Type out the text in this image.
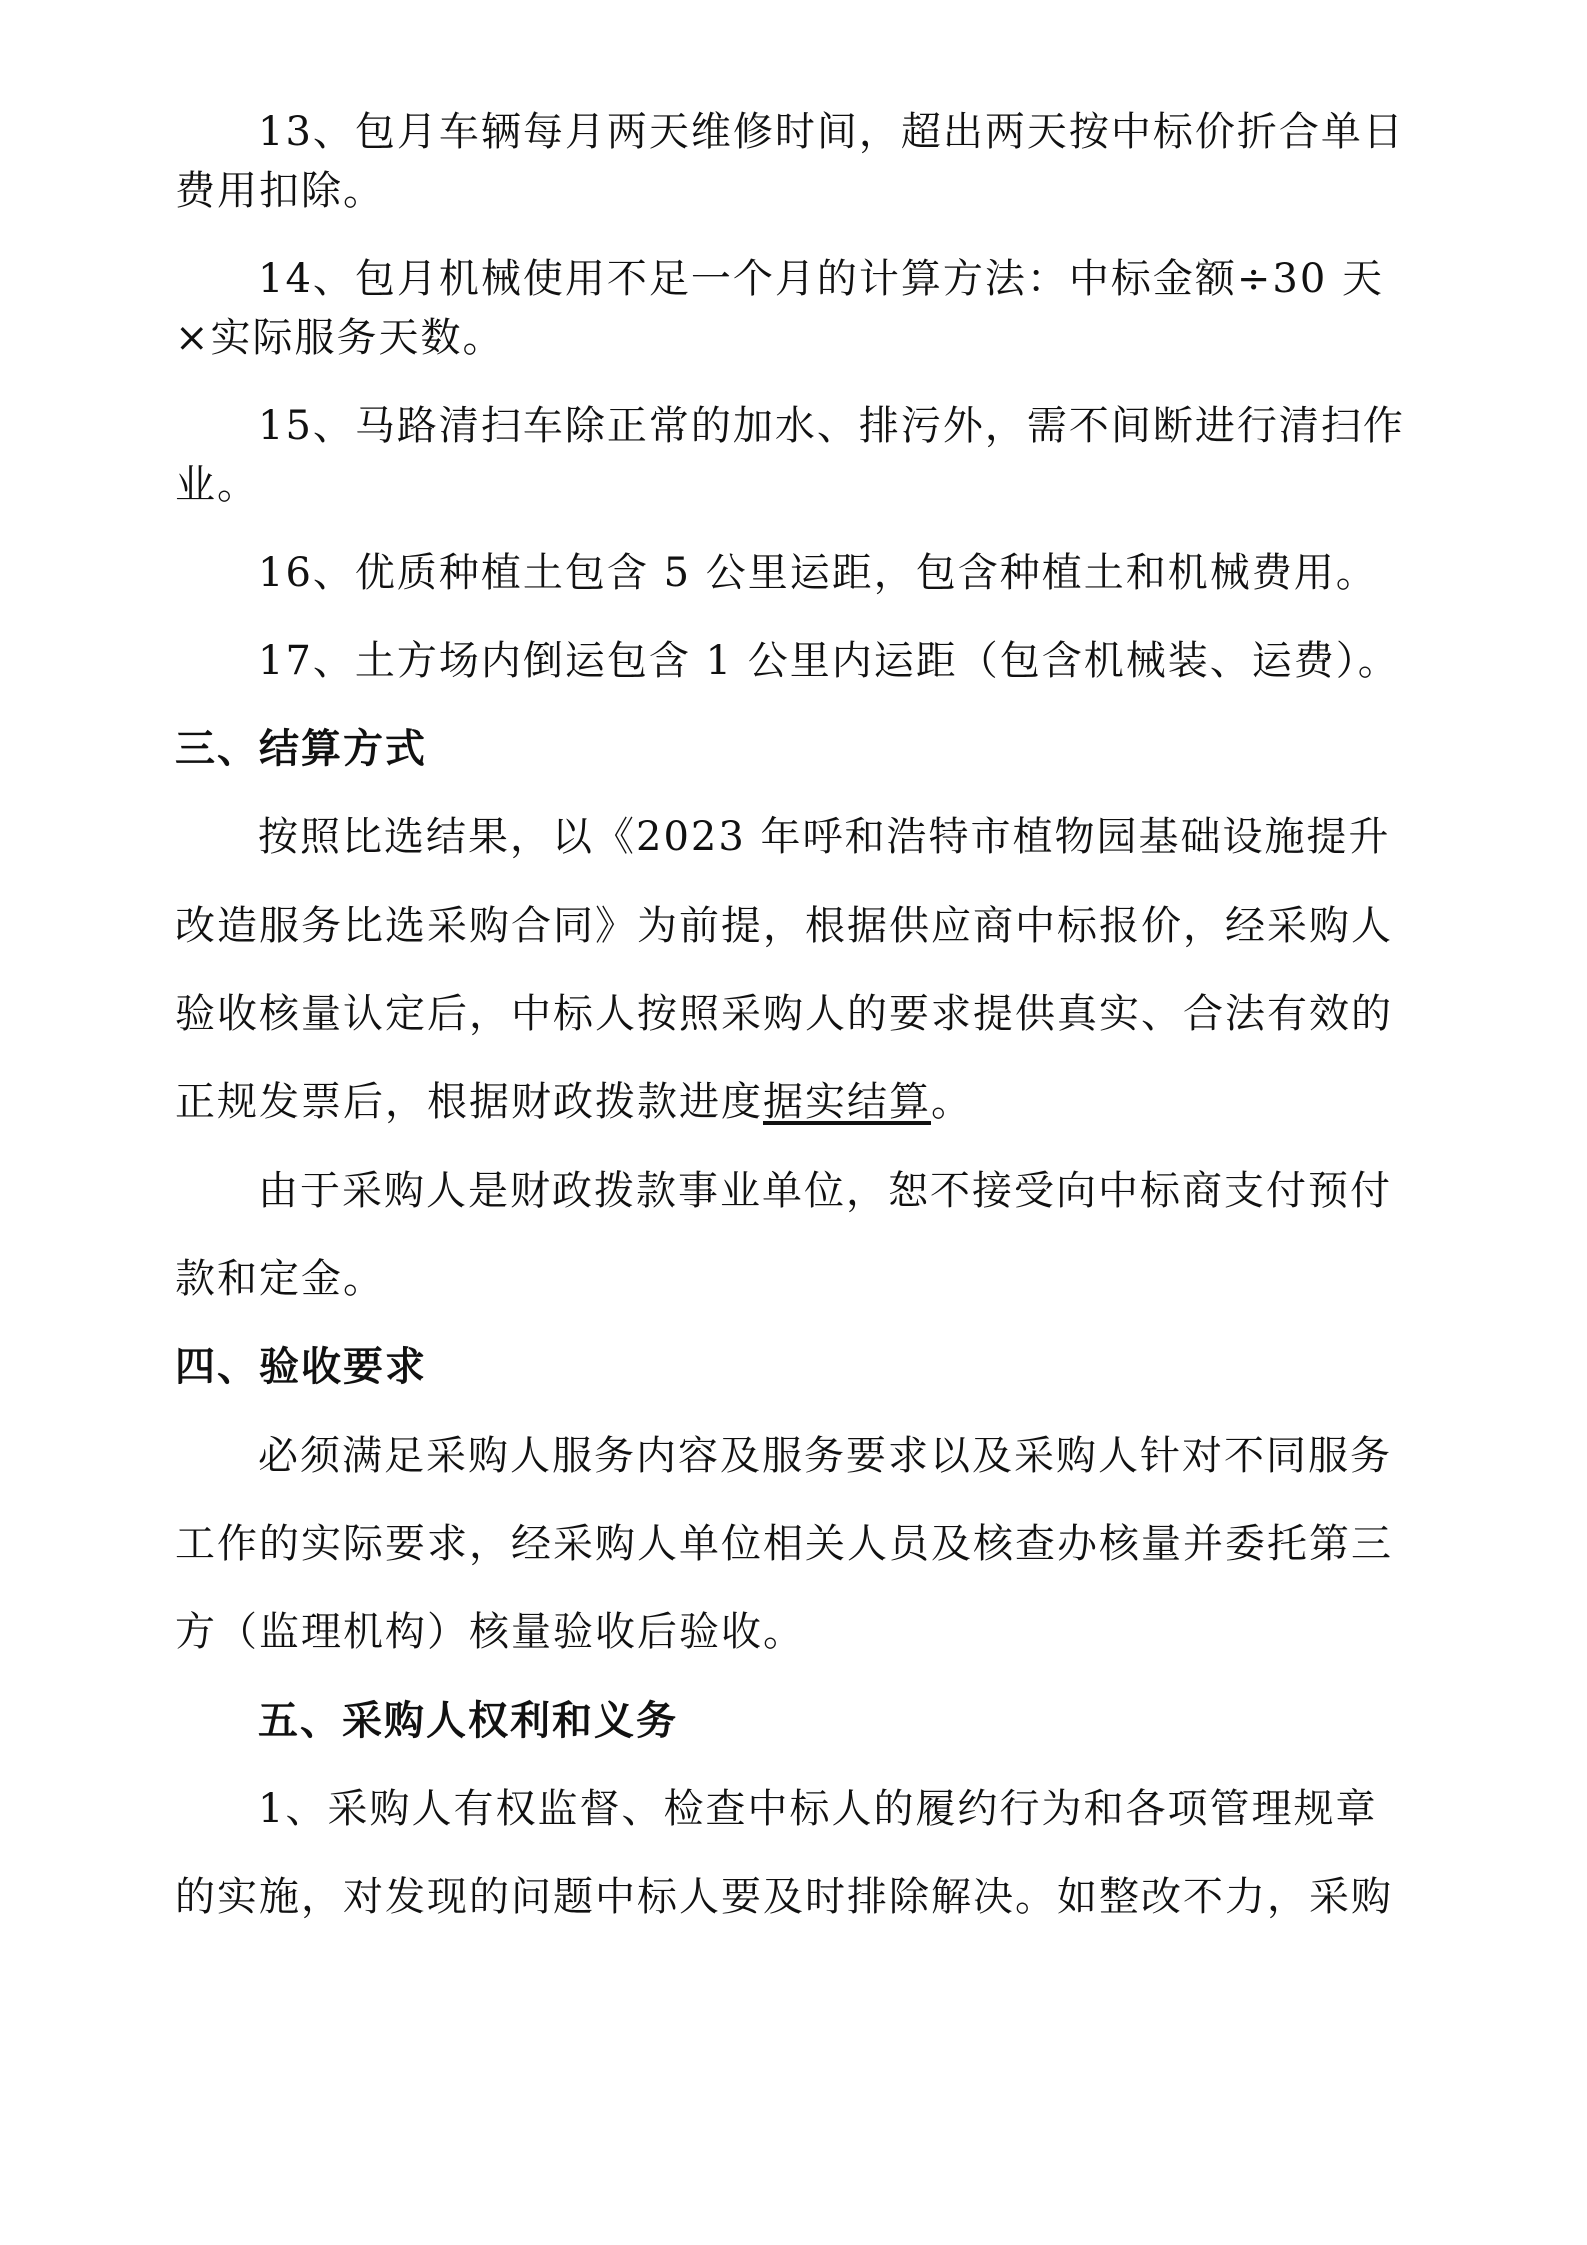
13、包月车辆每月两天维修时间，超出两天按中标价折合单日
费用扣除。
14、包月机械使用不足一个月的计算方法：中标金额÷30 天
×实际服务天数。
15、马路清扫车除正常的加水、排污外，需不间断进行清扫作
业。
16、优质种植土包含 5 公里运距，包含种植土和机械费用。
17、土方场内倒运包含 1 公里内运距（包含机械装、运费）。
三、结算方式
按照比选结果，以《2023 年呼和浩特市植物园基础设施提升
改造服务比选采购合同》为前提，根据供应商中标报价，经采购人
验收核量认定后，中标人按照采购人的要求提供真实、合法有效的
正规发票后，根据财政拨款进度据实结算。
由于采购人是财政拨款事业单位，恕不接受向中标商支付预付
款和定金。
四、验收要求
必须满足采购人服务内容及服务要求以及采购人针对不同服务
工作的实际要求，经采购人单位相关人员及核查办核量并委托第三
方（监理机构）核量验收后验收。
五、采购人权利和义务
1、采购人有权监督、检查中标人的履约行为和各项管理规章
的实施，对发现的问题中标人要及时排除解决。如整改不力，采购
